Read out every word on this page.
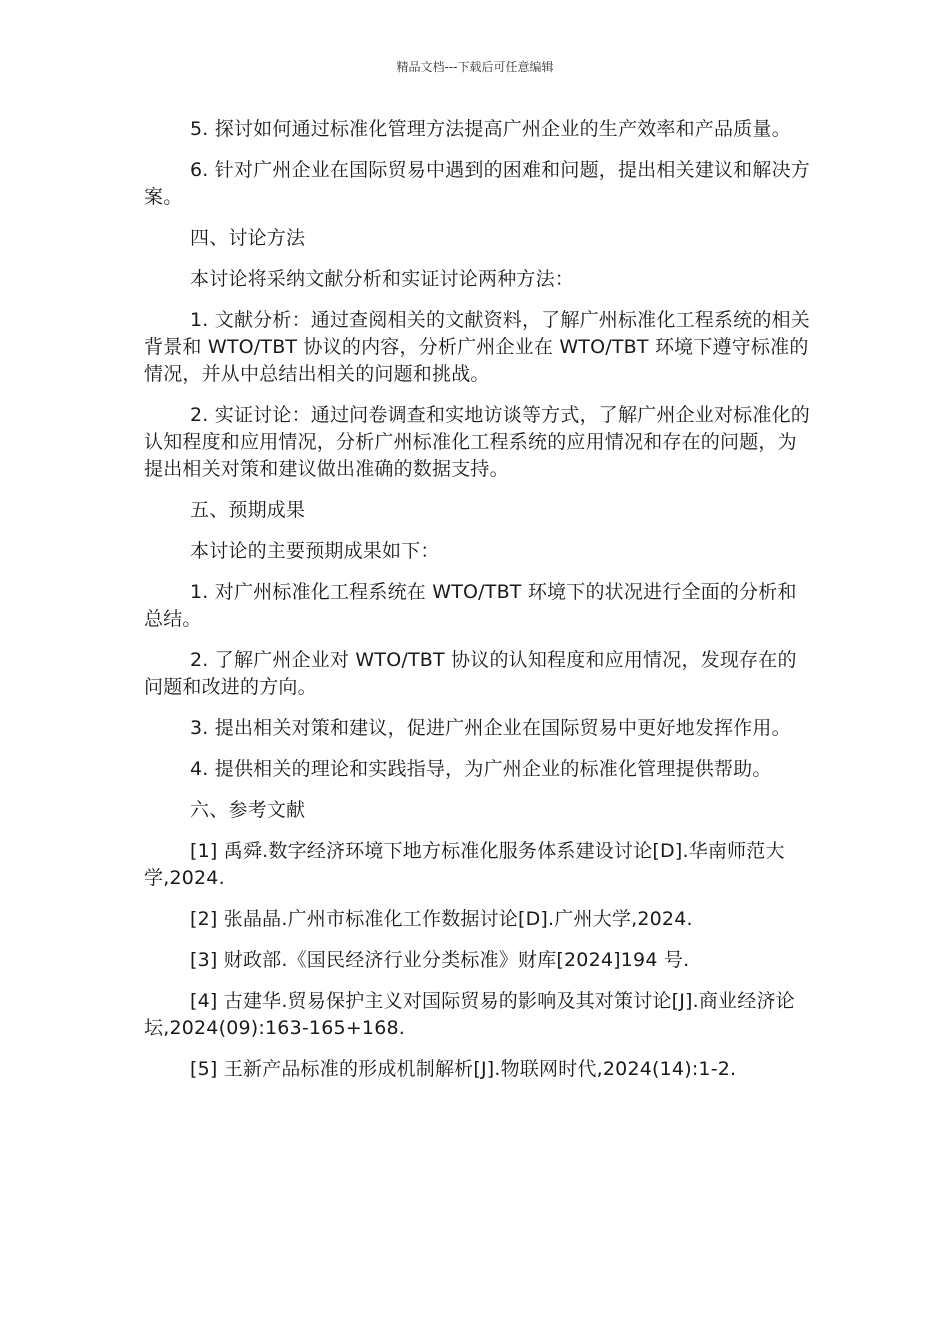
精品文档---下载后可任意编辑

5. 探讨如何通过标准化管理方法提高广州企业的生产效率和产品质量。

6. 针对广州企业在国际贸易中遇到的困难和问题，提出相关建议和解决方案。

四、讨论方法

本讨论将采纳文献分析和实证讨论两种方法：

1. 文献分析：通过查阅相关的文献资料，了解广州标准化工程系统的相关背景和 WTO/TBT 协议的内容，分析广州企业在 WTO/TBT 环境下遵守标准的情况，并从中总结出相关的问题和挑战。

2. 实证讨论：通过问卷调查和实地访谈等方式，了解广州企业对标准化的认知程度和应用情况，分析广州标准化工程系统的应用情况和存在的问题，为提出相关对策和建议做出准确的数据支持。

五、预期成果

本讨论的主要预期成果如下：

1. 对广州标准化工程系统在 WTO/TBT 环境下的状况进行全面的分析和总结。

2. 了解广州企业对 WTO/TBT 协议的认知程度和应用情况，发现存在的问题和改进的方向。

3. 提出相关对策和建议，促进广州企业在国际贸易中更好地发挥作用。

4. 提供相关的理论和实践指导，为广州企业的标准化管理提供帮助。

六、参考文献

[1] 禹舜.数字经济环境下地方标准化服务体系建设讨论[D].华南师范大学,2024.

[2] 张晶晶.广州市标准化工作数据讨论[D].广州大学,2024.

[3] 财政部.《国民经济行业分类标准》财库[2024]194 号.

[4] 古建华.贸易保护主义对国际贸易的影响及其对策讨论[J].商业经济论坛,2024(09):163-165+168.

[5] 王新产品标准的形成机制解析[J].物联网时代,2024(14):1-2.
